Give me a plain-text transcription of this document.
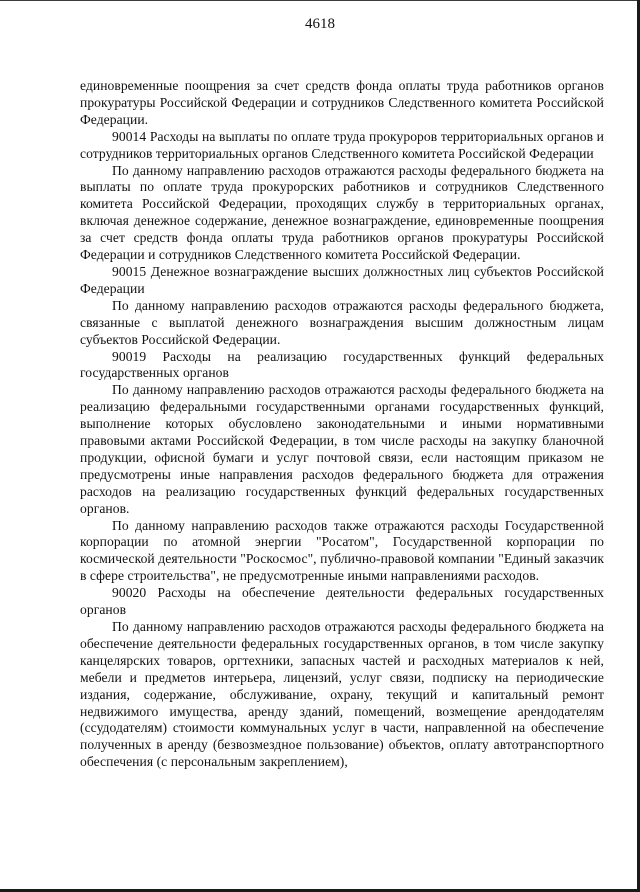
4618

единовременные поощрения за счет средств фонда оплаты труда работников органов прокуратуры Российской Федерации и сотрудников Следственного комитета Российской Федерации.

90014 Расходы на выплаты по оплате труда прокуроров территориальных органов и сотрудников территориальных органов Следственного комитета Российской Федерации

По данному направлению расходов отражаются расходы федерального бюджета на выплаты по оплате труда прокурорских работников и сотрудников Следственного комитета Российской Федерации, проходящих службу в территориальных органах, включая денежное содержание, денежное вознаграждение, единовременные поощрения за счет средств фонда оплаты труда работников органов прокуратуры Российской Федерации и сотрудников Следственного комитета Российской Федерации.

90015 Денежное вознаграждение высших должностных лиц субъектов Российской Федерации

По данному направлению расходов отражаются расходы федерального бюджета, связанные с выплатой денежного вознаграждения высшим должностным лицам субъектов Российской Федерации.

90019 Расходы на реализацию государственных функций федеральных государственных органов

По данному направлению расходов отражаются расходы федерального бюджета на реализацию федеральными государственными органами государственных функций, выполнение которых обусловлено законодательными и иными нормативными правовыми актами Российской Федерации, в том числе расходы на закупку бланочной продукции, офисной бумаги и услуг почтовой связи, если настоящим приказом не предусмотрены иные направления расходов федерального бюджета для отражения расходов на реализацию государственных функций федеральных государственных органов.

По данному направлению расходов также отражаются расходы Государственной корпорации по атомной энергии "Росатом", Государственной корпорации по космической деятельности "Роскосмос", публично-правовой компании "Единый заказчик в сфере строительства", не предусмотренные иными направлениями расходов.

90020 Расходы на обеспечение деятельности федеральных государственных органов

По данному направлению расходов отражаются расходы федерального бюджета на обеспечение деятельности федеральных государственных органов, в том числе закупку канцелярских товаров, оргтехники, запасных частей и расходных материалов к ней, мебели и предметов интерьера, лицензий, услуг связи, подписку на периодические издания, содержание, обслуживание, охрану, текущий и капитальный ремонт недвижимого имущества, аренду зданий, помещений, возмещение арендодателям (ссудодателям) стоимости коммунальных услуг в части, направленной на обеспечение полученных в аренду (безвозмездное пользование) объектов, оплату автотранспортного обеспечения (с персональным закреплением),
